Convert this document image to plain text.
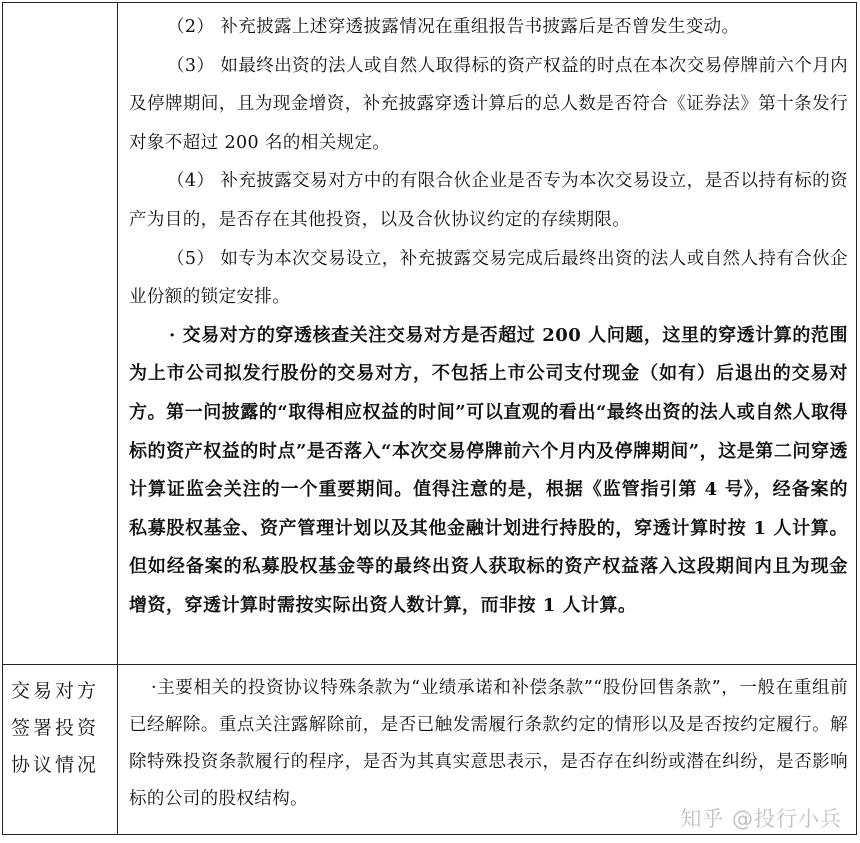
	（2） 补充披露上述穿透披露情况在重组报告书披露后是否曾发生变动。

（3） 如最终出资的法人或自然人取得标的资产权益的时点在本次交易停牌前六个月内及停牌期间，且为现金增资，补充披露穿透计算后的总人数是否符合《证券法》第十条发行对象不超过 200 名的相关规定。

（4） 补充披露交易对方中的有限合伙企业是否专为本次交易设立，是否以持有标的资产为目的，是否存在其他投资，以及合伙协议约定的存续期限。

（5） 如专为本次交易设立，补充披露交易完成后最终出资的法人或自然人持有合伙企业份额的锁定安排。

· 交易对方的穿透核查关注交易对方是否超过 200 人问题，这里的穿透计算的范围为上市公司拟发行股份的交易对方，不包括上市公司支付现金（如有）后退出的交易对方。第一问披露的“取得相应权益的时间”可以直观的看出“最终出资的法人或自然人取得标的资产权益的时点”是否落入“本次交易停牌前六个月内及停牌期间”，这是第二问穿透计算证监会关注的一个重要期间。值得注意的是，根据《监管指引第 4 号》，经备案的私募股权基金、资产管理计划以及其他金融计划进行持股的，穿透计算时按 1 人计算。但如经备案的私募股权基金等的最终出资人获取标的资产权益落入这段期间内且为现金增资，穿透计算时需按实际出资人数计算，而非按 1 人计算。

交易对方
签署投资
协议情况	·主要相关的投资协议特殊条款为“业绩承诺和补偿条款”“股份回售条款”，一般在重组前已经解除。重点关注露解除前，是否已触发需履行条款约定的情形以及是否按约定履行。解除特殊投资条款履行的程序，是否为其真实意思表示，是否存在纠纷或潜在纠纷，是否影响标的公司的股权结构。

知乎 @投行小兵
